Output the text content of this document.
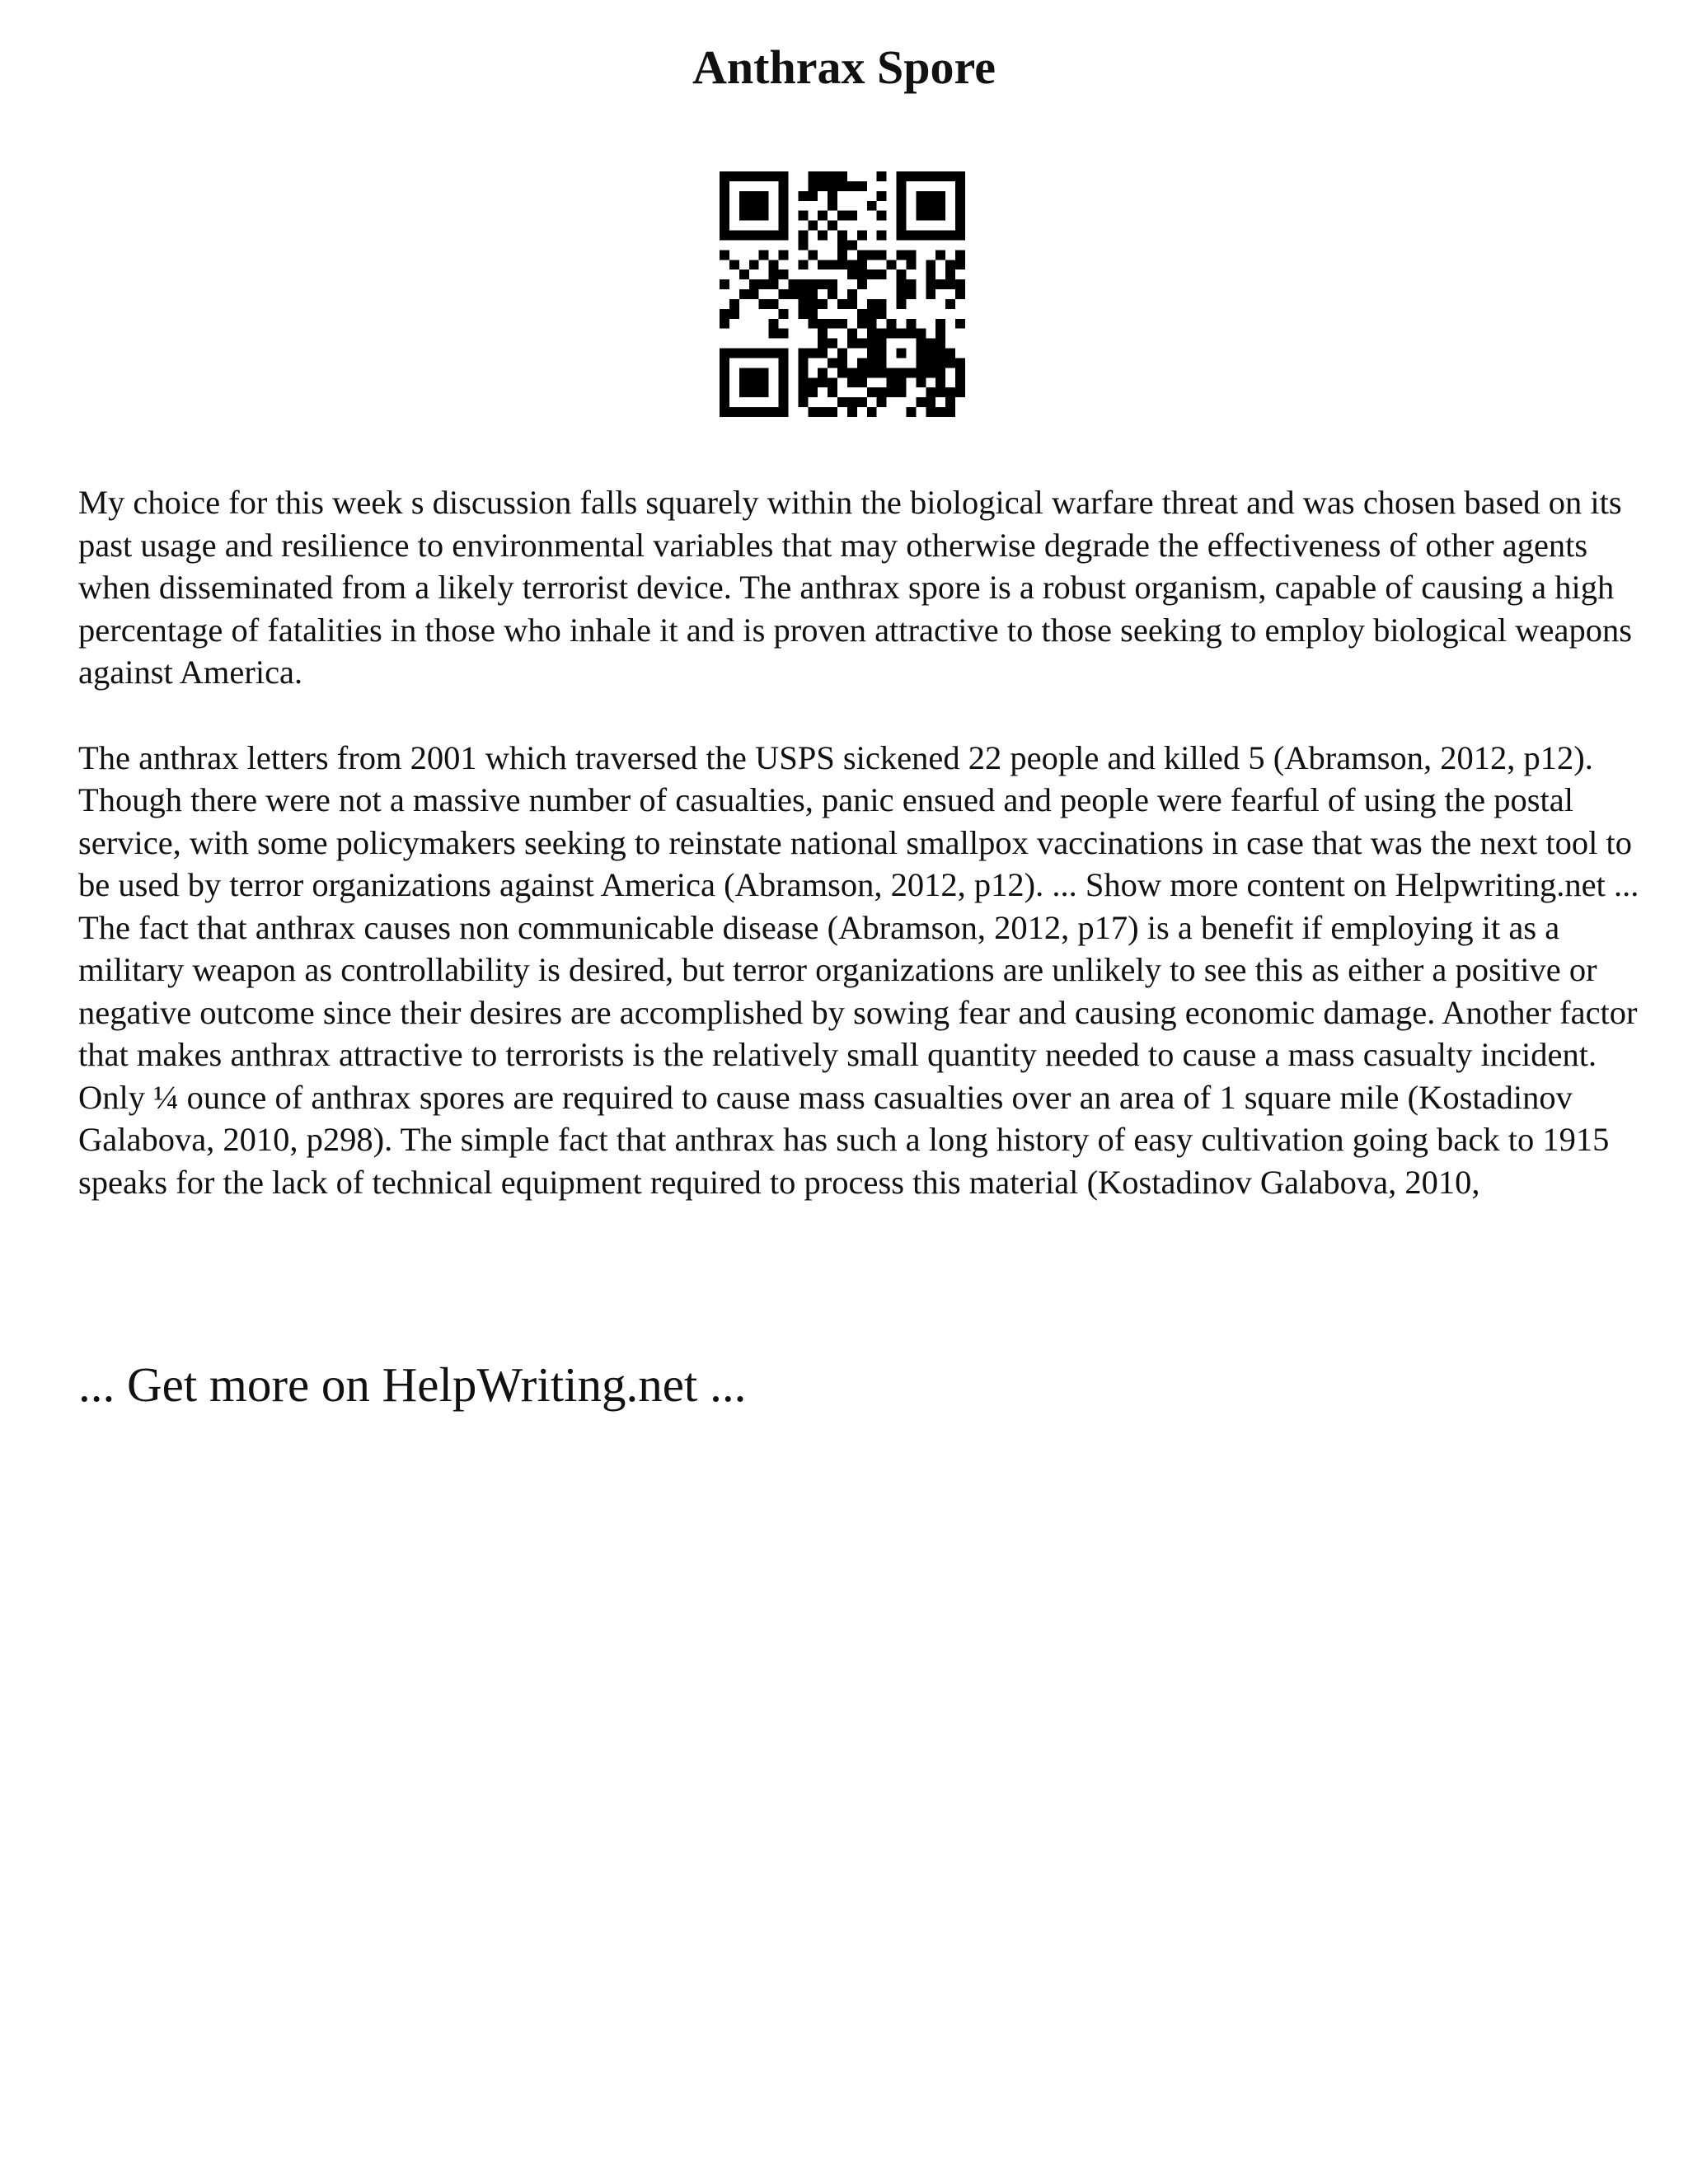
Anthrax Spore

My choice for this week s discussion falls squarely within the biological warfare threat and was chosen based on its past usage and resilience to environmental variables that may otherwise degrade the effectiveness of other agents when disseminated from a likely terrorist device. The anthrax spore is a robust organism, capable of causing a high percentage of fatalities in those who inhale it and is proven attractive to those seeking to employ biological weapons against America.

The anthrax letters from 2001 which traversed the USPS sickened 22 people and killed 5 (Abramson, 2012, p12). Though there were not a massive number of casualties, panic ensued and people were fearful of using the postal service, with some policymakers seeking to reinstate national smallpox vaccinations in case that was the next tool to be used by terror organizations against America (Abramson, 2012, p12). ... Show more content on Helpwriting.net ...

The fact that anthrax causes non communicable disease (Abramson, 2012, p17) is a benefit if employing it as a military weapon as controllability is desired, but terror organizations are unlikely to see this as either a positive or negative outcome since their desires are accomplished by sowing fear and causing economic damage. Another factor that makes anthrax attractive to terrorists is the relatively small quantity needed to cause a mass casualty incident. Only ¼ ounce of anthrax spores are required to cause mass casualties over an area of 1 square mile (Kostadinov Galabova, 2010, p298). The simple fact that anthrax has such a long history of easy cultivation going back to 1915 speaks for the lack of technical equipment required to process this material (Kostadinov Galabova, 2010,

... Get more on HelpWriting.net ...
